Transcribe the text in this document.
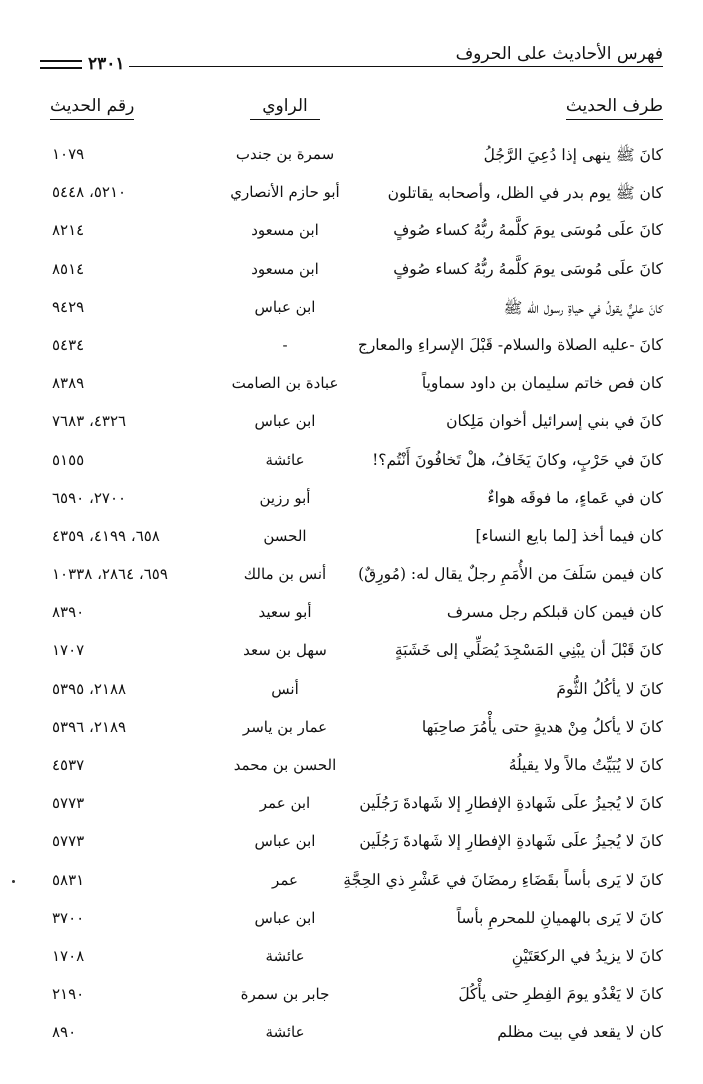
فهرس الأحاديث على الحروف
٢٣٠١
طرف الحديث
الراوي
رقم الحديث
كانَ ﷺ ينهى إذا دُعِيَ الرَّجُلُ
سمرة بن جندب
١٠٧٩
كان ﷺ يوم بدر في الظل، وأصحابه يقاتلون
أبو حازم الأنصاري
٥٢١٠، ٥٤٤٨
كانَ علَى مُوسَى يومَ كلَّمهُ ربُّهُ كساء صُوفٍ
ابن مسعود
٨٢١٤
كانَ علَى مُوسَى يومَ كلَّمهُ ربُّهُ كساء صُوفٍ
ابن مسعود
٨٥١٤
كانَ عليٌّ يقولُ في حياةِ رسول الله ﷺ
ابن عباس
٩٤٢٩
كانَ -عليه الصلاة والسلام- قَبْلَ الإسراءِ والمعارج
-
٥٤٣٤
كان فص خاتم سليمان بن داود سماوياً
عبادة بن الصامت
٨٣٨٩
كانَ في بني إسرائيل أخوان مَلِكان
ابن عباس
٤٣٢٦، ٧٦٨٣
كانَ في حَرْبٍ، وكانَ يَخَافُ، هلْ تَخافُونَ أَنْتُم؟!
عائشة
٥١٥٥
كان في عَماءٍ، ما فوقَه هواءٌ
أبو رزين
٢٧٠٠، ٦٥٩٠
كان فيما أخذ [لما بايع النساء]
الحسن
٦٥٨، ٤١٩٩، ٤٣٥٩
كان فيمن سَلَفَ من الأُمَمِ رجلٌ يقال له: (مُورِقٌ)
أنس بن مالك
٦٥٩، ٢٨٦٤، ١٠٣٣٨
كان فيمن كان قبلكم رجل مسرف
أبو سعيد
٨٣٩٠
كانَ قَبْلَ أن يبْنِي المَسْجِدَ يُصَلِّي إلى خَشَبَةٍ
سهل بن سعد
١٧٠٧
كانَ لا يأكُلُ الثُّومَ
أنس
٢١٨٨، ٥٣٩٥
كانَ لا يأكلُ مِنْ هديةٍ حتى يأْمُرَ صاحِبَها
عمار بن ياسر
٢١٨٩، ٥٣٩٦
كانَ لا يُبَيِّتُ مالاً ولا يقيلُهُ
الحسن بن محمد
٤٥٣٧
كانَ لا يُجيزُ علَى شَهادةِ الإفطارِ إلا شَهادةَ رَجُلَين
ابن عمر
٥٧٧٣
كانَ لا يُجيزُ علَى شَهادةِ الإفطارِ إلا شَهادةَ رَجُلَين
ابن عباس
٥٧٧٣
كانَ لا يَرى بأساً بقَضَاءِ رمضَانَ في عَشْرِ ذي الحِجَّةِ
عمر
٥٨٣١
كانَ لا يَرى بالهميانِ للمحرمِ بأساً
ابن عباس
٣٧٠٠
كانَ لا يزيدُ في الركعَتَيْنِ
عائشة
١٧٠٨
كانَ لا يَغْدُو يومَ الفِطرِ حتى يأْكُلَ
جابر بن سمرة
٢١٩٠
كان لا يقعد في بيت مظلم
عائشة
٨٩٠
